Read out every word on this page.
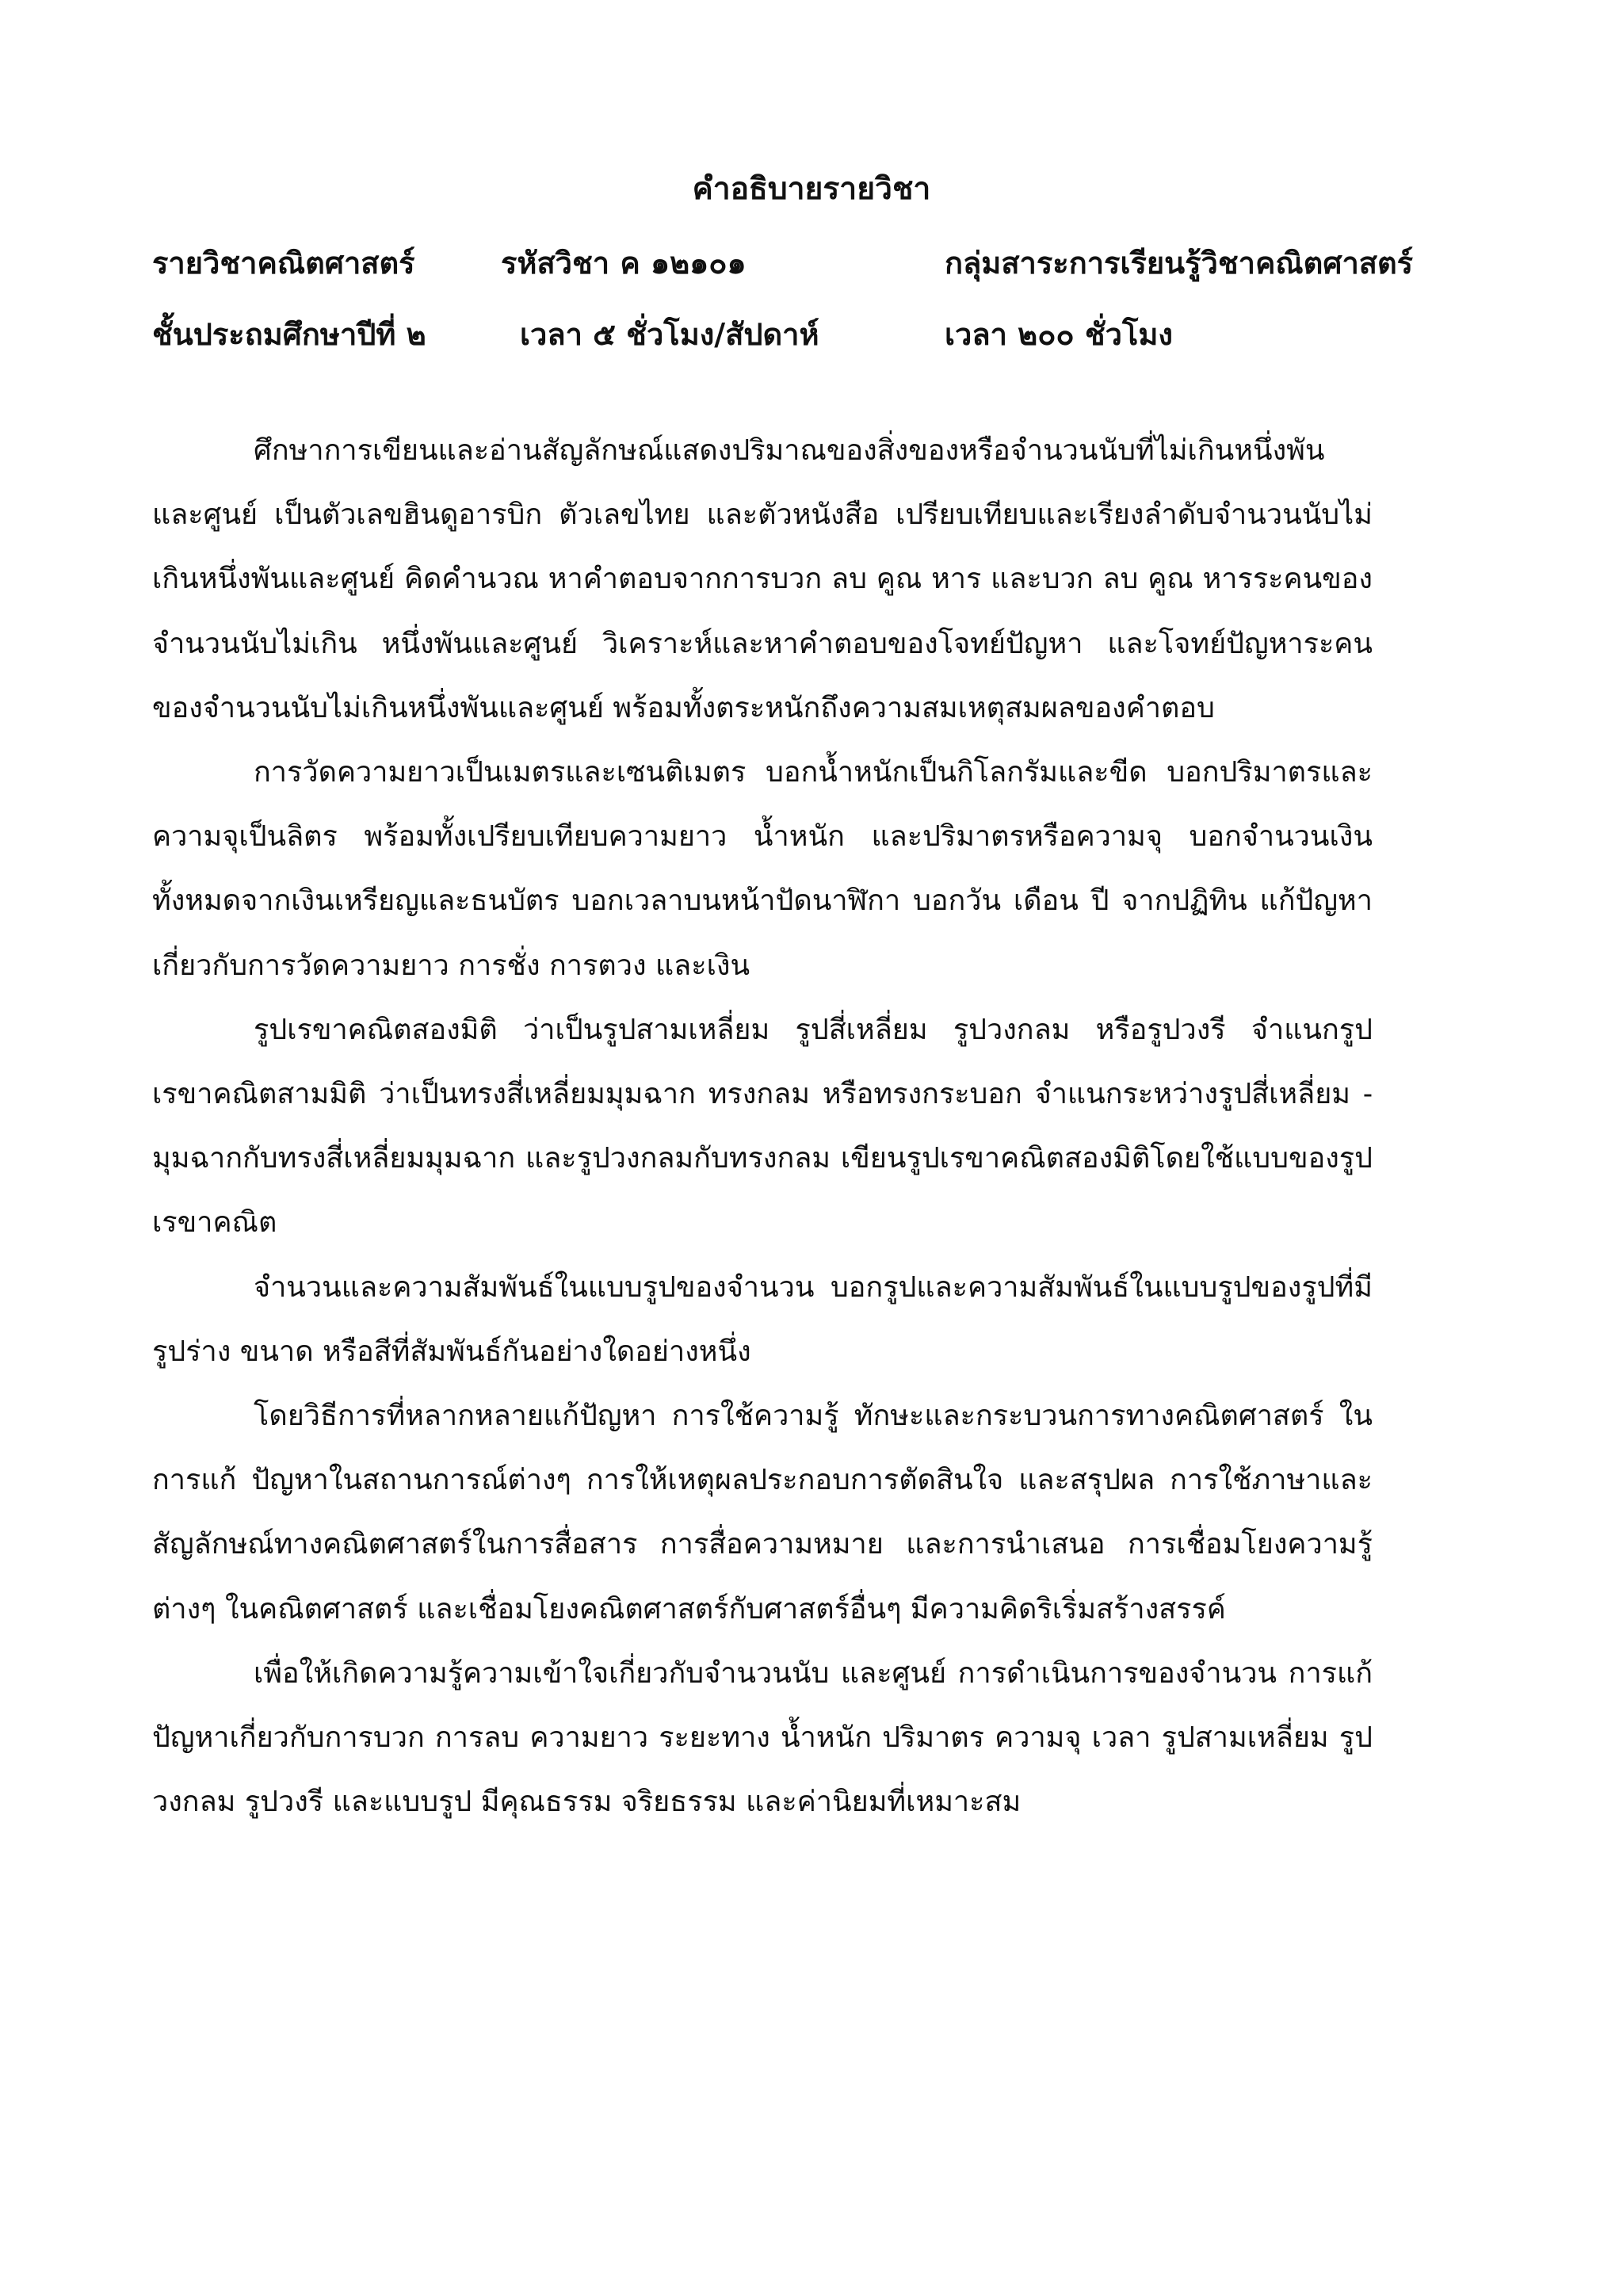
คำอธิบายรายวิชา
รายวิชาคณิตศาสตร์	รหัสวิชา ค ๑๒๑๐๑	กลุ่มสาระการเรียนรู้วิชาคณิตศาสตร์
ชั้นประถมศึกษาปีที่ ๒	เวลา ๕ ชั่วโมง/สัปดาห์	เวลา ๒๐๐ ชั่วโมง

ศึกษาการเขียนและอ่านสัญลักษณ์แสดงปริมาณของสิ่งของหรือจำนวนนับที่ไม่เกินหนึ่งพันและศูนย์ เป็นตัวเลขฮินดูอารบิก ตัวเลขไทย และตัวหนังสือ เปรียบเทียบและเรียงลำดับจำนวนนับไม่เกินหนึ่งพันและศูนย์ คิดคำนวณ หาคำตอบจากการบวก ลบ คูณ หาร และบวก ลบ คูณ หารระคนของจำนวนนับไม่เกิน หนึ่งพันและศูนย์ วิเคราะห์และหาคำตอบของโจทย์ปัญหา และโจทย์ปัญหาระคนของจำนวนนับไม่เกินหนึ่งพันและศูนย์ พร้อมทั้งตระหนักถึงความสมเหตุสมผลของคำตอบ

การวัดความยาวเป็นเมตรและเซนติเมตร บอกน้ำหนักเป็นกิโลกรัมและขีด บอกปริมาตรและความจุเป็นลิตร พร้อมทั้งเปรียบเทียบความยาว น้ำหนัก และปริมาตรหรือความจุ บอกจำนวนเงินทั้งหมดจากเงินเหรียญและธนบัตร บอกเวลาบนหน้าปัดนาฬิกา บอกวัน เดือน ปี จากปฏิทิน แก้ปัญหาเกี่ยวกับการวัดความยาว การชั่ง การตวง และเงิน

รูปเรขาคณิตสองมิติ ว่าเป็นรูปสามเหลี่ยม รูปสี่เหลี่ยม รูปวงกลม หรือรูปวงรี จำแนกรูปเรขาคณิตสามมิติ ว่าเป็นทรงสี่เหลี่ยมมุมฉาก ทรงกลม หรือทรงกระบอก จำแนกระหว่างรูปสี่เหลี่ยม - มุมฉากกับทรงสี่เหลี่ยมมุมฉาก และรูปวงกลมกับทรงกลม เขียนรูปเรขาคณิตสองมิติโดยใช้แบบของรูปเรขาคณิต

จำนวนและความสัมพันธ์ในแบบรูปของจำนวน บอกรูปและความสัมพันธ์ในแบบรูปของรูปที่มีรูปร่าง ขนาด หรือสีที่สัมพันธ์กันอย่างใดอย่างหนึ่ง

โดยวิธีการที่หลากหลายแก้ปัญหา การใช้ความรู้ ทักษะและกระบวนการทางคณิตศาสตร์ ในการแก้ ปัญหาในสถานการณ์ต่างๆ การให้เหตุผลประกอบการตัดสินใจ และสรุปผล การใช้ภาษาและสัญลักษณ์ทางคณิตศาสตร์ในการสื่อสาร การสื่อความหมาย และการนำเสนอ การเชื่อมโยงความรู้ต่างๆ ในคณิตศาสตร์ และเชื่อมโยงคณิตศาสตร์กับศาสตร์อื่นๆ มีความคิดริเริ่มสร้างสรรค์

เพื่อให้เกิดความรู้ความเข้าใจเกี่ยวกับจำนวนนับ และศูนย์ การดำเนินการของจำนวน การแก้ปัญหาเกี่ยวกับการบวก การลบ ความยาว ระยะทาง น้ำหนัก ปริมาตร ความจุ เวลา รูปสามเหลี่ยม รูปวงกลม รูปวงรี และแบบรูป มีคุณธรรม จริยธรรม และค่านิยมที่เหมาะสม
